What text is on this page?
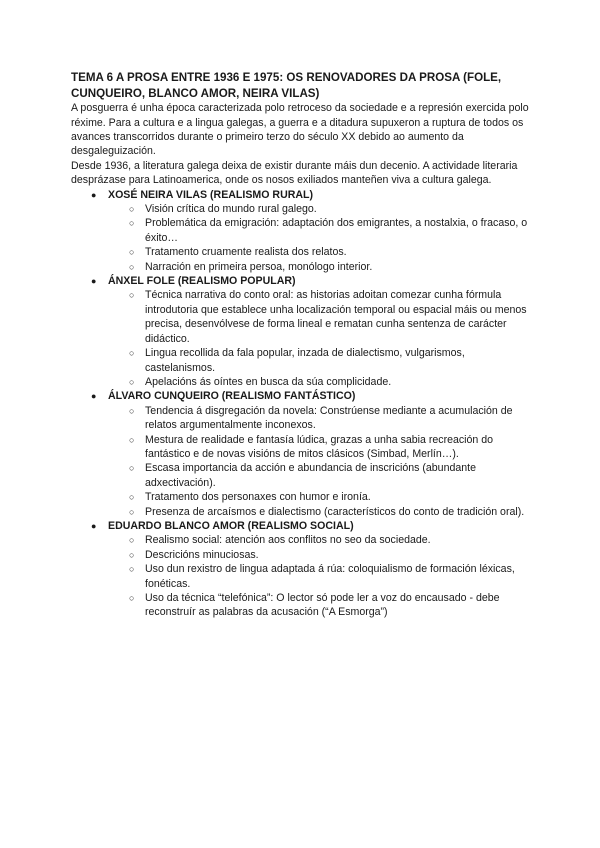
TEMA 6 A PROSA ENTRE 1936 E 1975: OS RENOVADORES DA PROSA (FOLE, CUNQUEIRO, BLANCO AMOR, NEIRA VILAS)

A posguerra é unha época caracterizada polo retroceso da sociedade e a represión exercida polo réxime. Para a cultura e a lingua galegas, a guerra e a ditadura supuxeron a ruptura de todos os avances transcorridos durante o primeiro terzo do século XX debido ao aumento da desgaleguización.

Desde 1936, a literatura galega deixa de existir durante máis dun decenio. A actividade literaria desprázase para Latinoamerica, onde os nosos exiliados manteñen viva a cultura galega.

● XOSÉ NEIRA VILAS (REALISMO RURAL)
○ Visión crítica do mundo rural galego.
○ Problemática da emigración: adaptación dos emigrantes, a nostalxia, o fracaso, o éxito…
○ Tratamento cruamente realista dos relatos.
○ Narración en primeira persoa, monólogo interior.
● ÁNXEL FOLE (REALISMO POPULAR)
○ Técnica narrativa do conto oral: as historias adoitan comezar cunha fórmula introdutoria que establece unha localización temporal ou espacial máis ou menos precisa, desenvólvese de forma lineal e rematan cunha sentenza de carácter didáctico.
○ Lingua recollida da fala popular, inzada de dialectismo, vulgarismos, castelanismos.
○ Apelacións ás oíntes en busca da súa complicidade.
● ÁLVARO CUNQUEIRO (REALISMO FANTÁSTICO)
○ Tendencia á disgregación da novela: Constrúense mediante a acumulación de relatos argumentalmente inconexos.
○ Mestura de realidade e fantasía lúdica, grazas a unha sabia recreación do fantástico e de novas visións de mitos clásicos (Simbad, Merlín…).
○ Escasa importancia da acción e abundancia de inscricións (abundante adxectivación).
○ Tratamento dos personaxes con humor e ironía.
○ Presenza de arcaísmos e dialectismo (característicos do conto de tradición oral).
● EDUARDO BLANCO AMOR (REALISMO SOCIAL)
○ Realismo social: atención aos conflitos no seo da sociedade.
○ Descricións minuciosas.
○ Uso dun rexistro de lingua adaptada á rúa: coloquialismo de formación léxicas, fonéticas.
○ Uso da técnica “telefónica”: O lector só pode ler a voz do encausado - debe reconstruír as palabras da acusación (“A Esmorga”)
